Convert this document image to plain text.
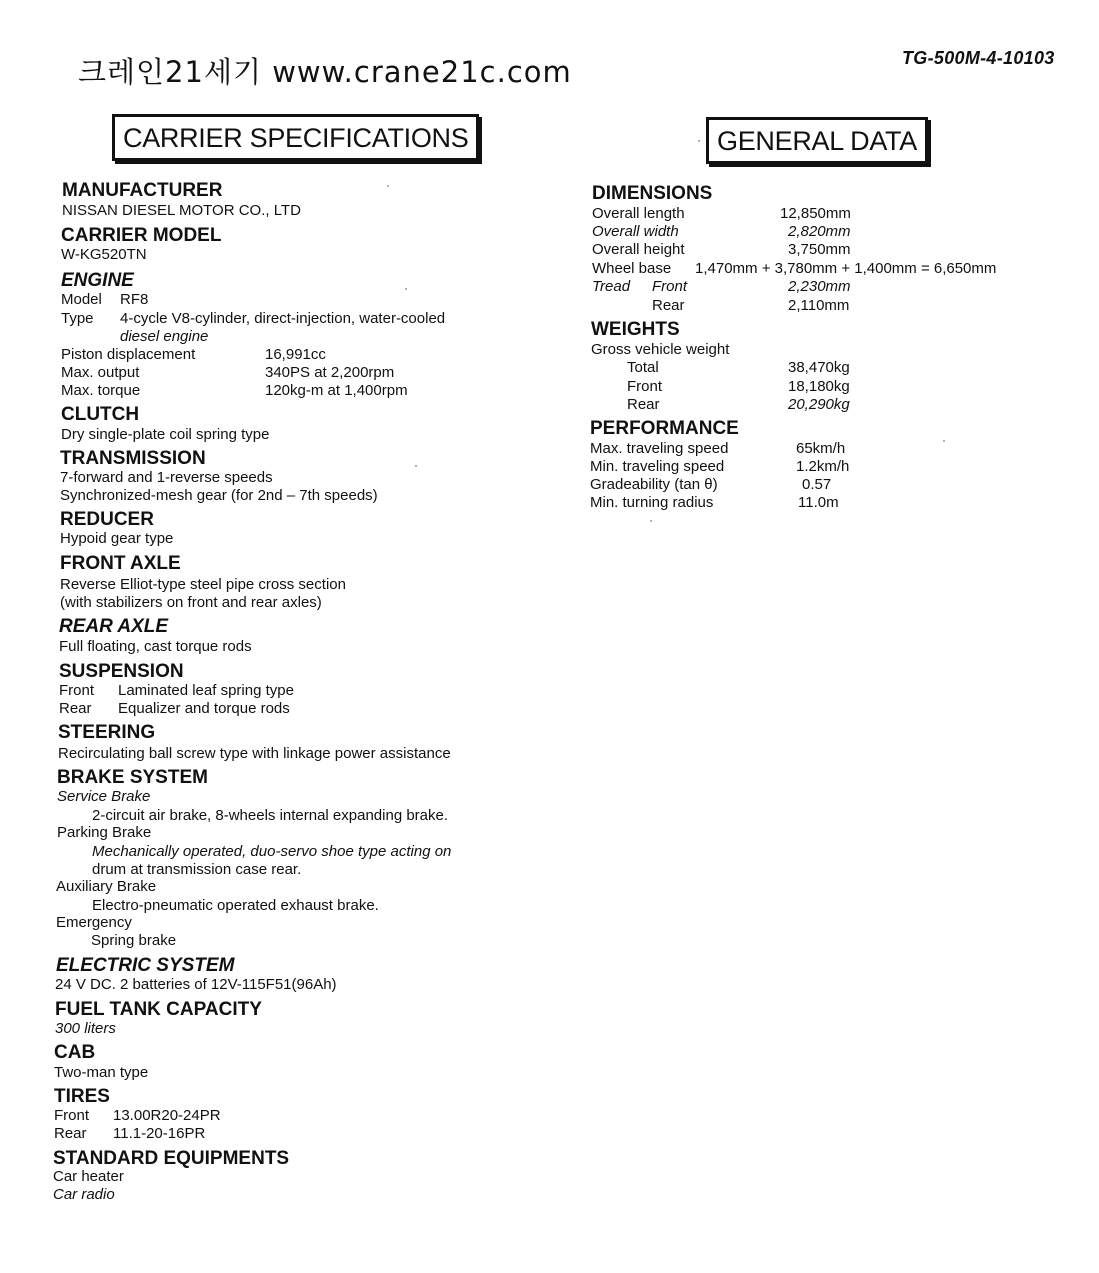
크레인21세기 www.crane21c.com	TG-500M-4-10103
CARRIER SPECIFICATIONS	GENERAL DATA
MANUFACTURER
NISSAN DIESEL MOTOR CO., LTD
CARRIER MODEL
W-KG520TN
ENGINE
Model RF8
Type 4-cycle V8-cylinder, direct-injection, water-cooled
diesel engine
Piston displacement	16,991cc
Max. output	340PS at 2,200rpm
Max. torque	120kg-m at 1,400rpm
CLUTCH
Dry single-plate coil spring type
TRANSMISSION
7-forward and 1-reverse speeds
Synchronized-mesh gear (for 2nd – 7th speeds)
REDUCER
Hypoid gear type
FRONT AXLE
Reverse Elliot-type steel pipe cross section
(with stabilizers on front and rear axles)
REAR AXLE
Full floating, cast torque rods
SUSPENSION
Front Laminated leaf spring type
Rear Equalizer and torque rods
STEERING
Recirculating ball screw type with linkage power assistance
BRAKE SYSTEM
Service Brake
2-circuit air brake, 8-wheels internal expanding brake.
Parking Brake
Mechanically operated, duo-servo shoe type acting on
drum at transmission case rear.
Auxiliary Brake
Electro-pneumatic operated exhaust brake.
Emergency
Spring brake
ELECTRIC SYSTEM
24 V DC. 2 batteries of 12V-115F51(96Ah)
FUEL TANK CAPACITY
300 liters
CAB
Two-man type
TIRES
Front 13.00R20-24PR
Rear 11.1-20-16PR
STANDARD EQUIPMENTS
Car heater
Car radio
DIMENSIONS
Overall length	12,850mm
Overall width	2,820mm
Overall height	3,750mm
Wheel base 1,470mm + 3,780mm + 1,400mm = 6,650mm
Tread Front	2,230mm
Rear	2,110mm
WEIGHTS
Gross vehicle weight
Total	38,470kg
Front	18,180kg
Rear	20,290kg
PERFORMANCE
Max. traveling speed	65km/h
Min. traveling speed	1.2km/h
Gradeability (tan θ)	0.57
Min. turning radius	11.0m
